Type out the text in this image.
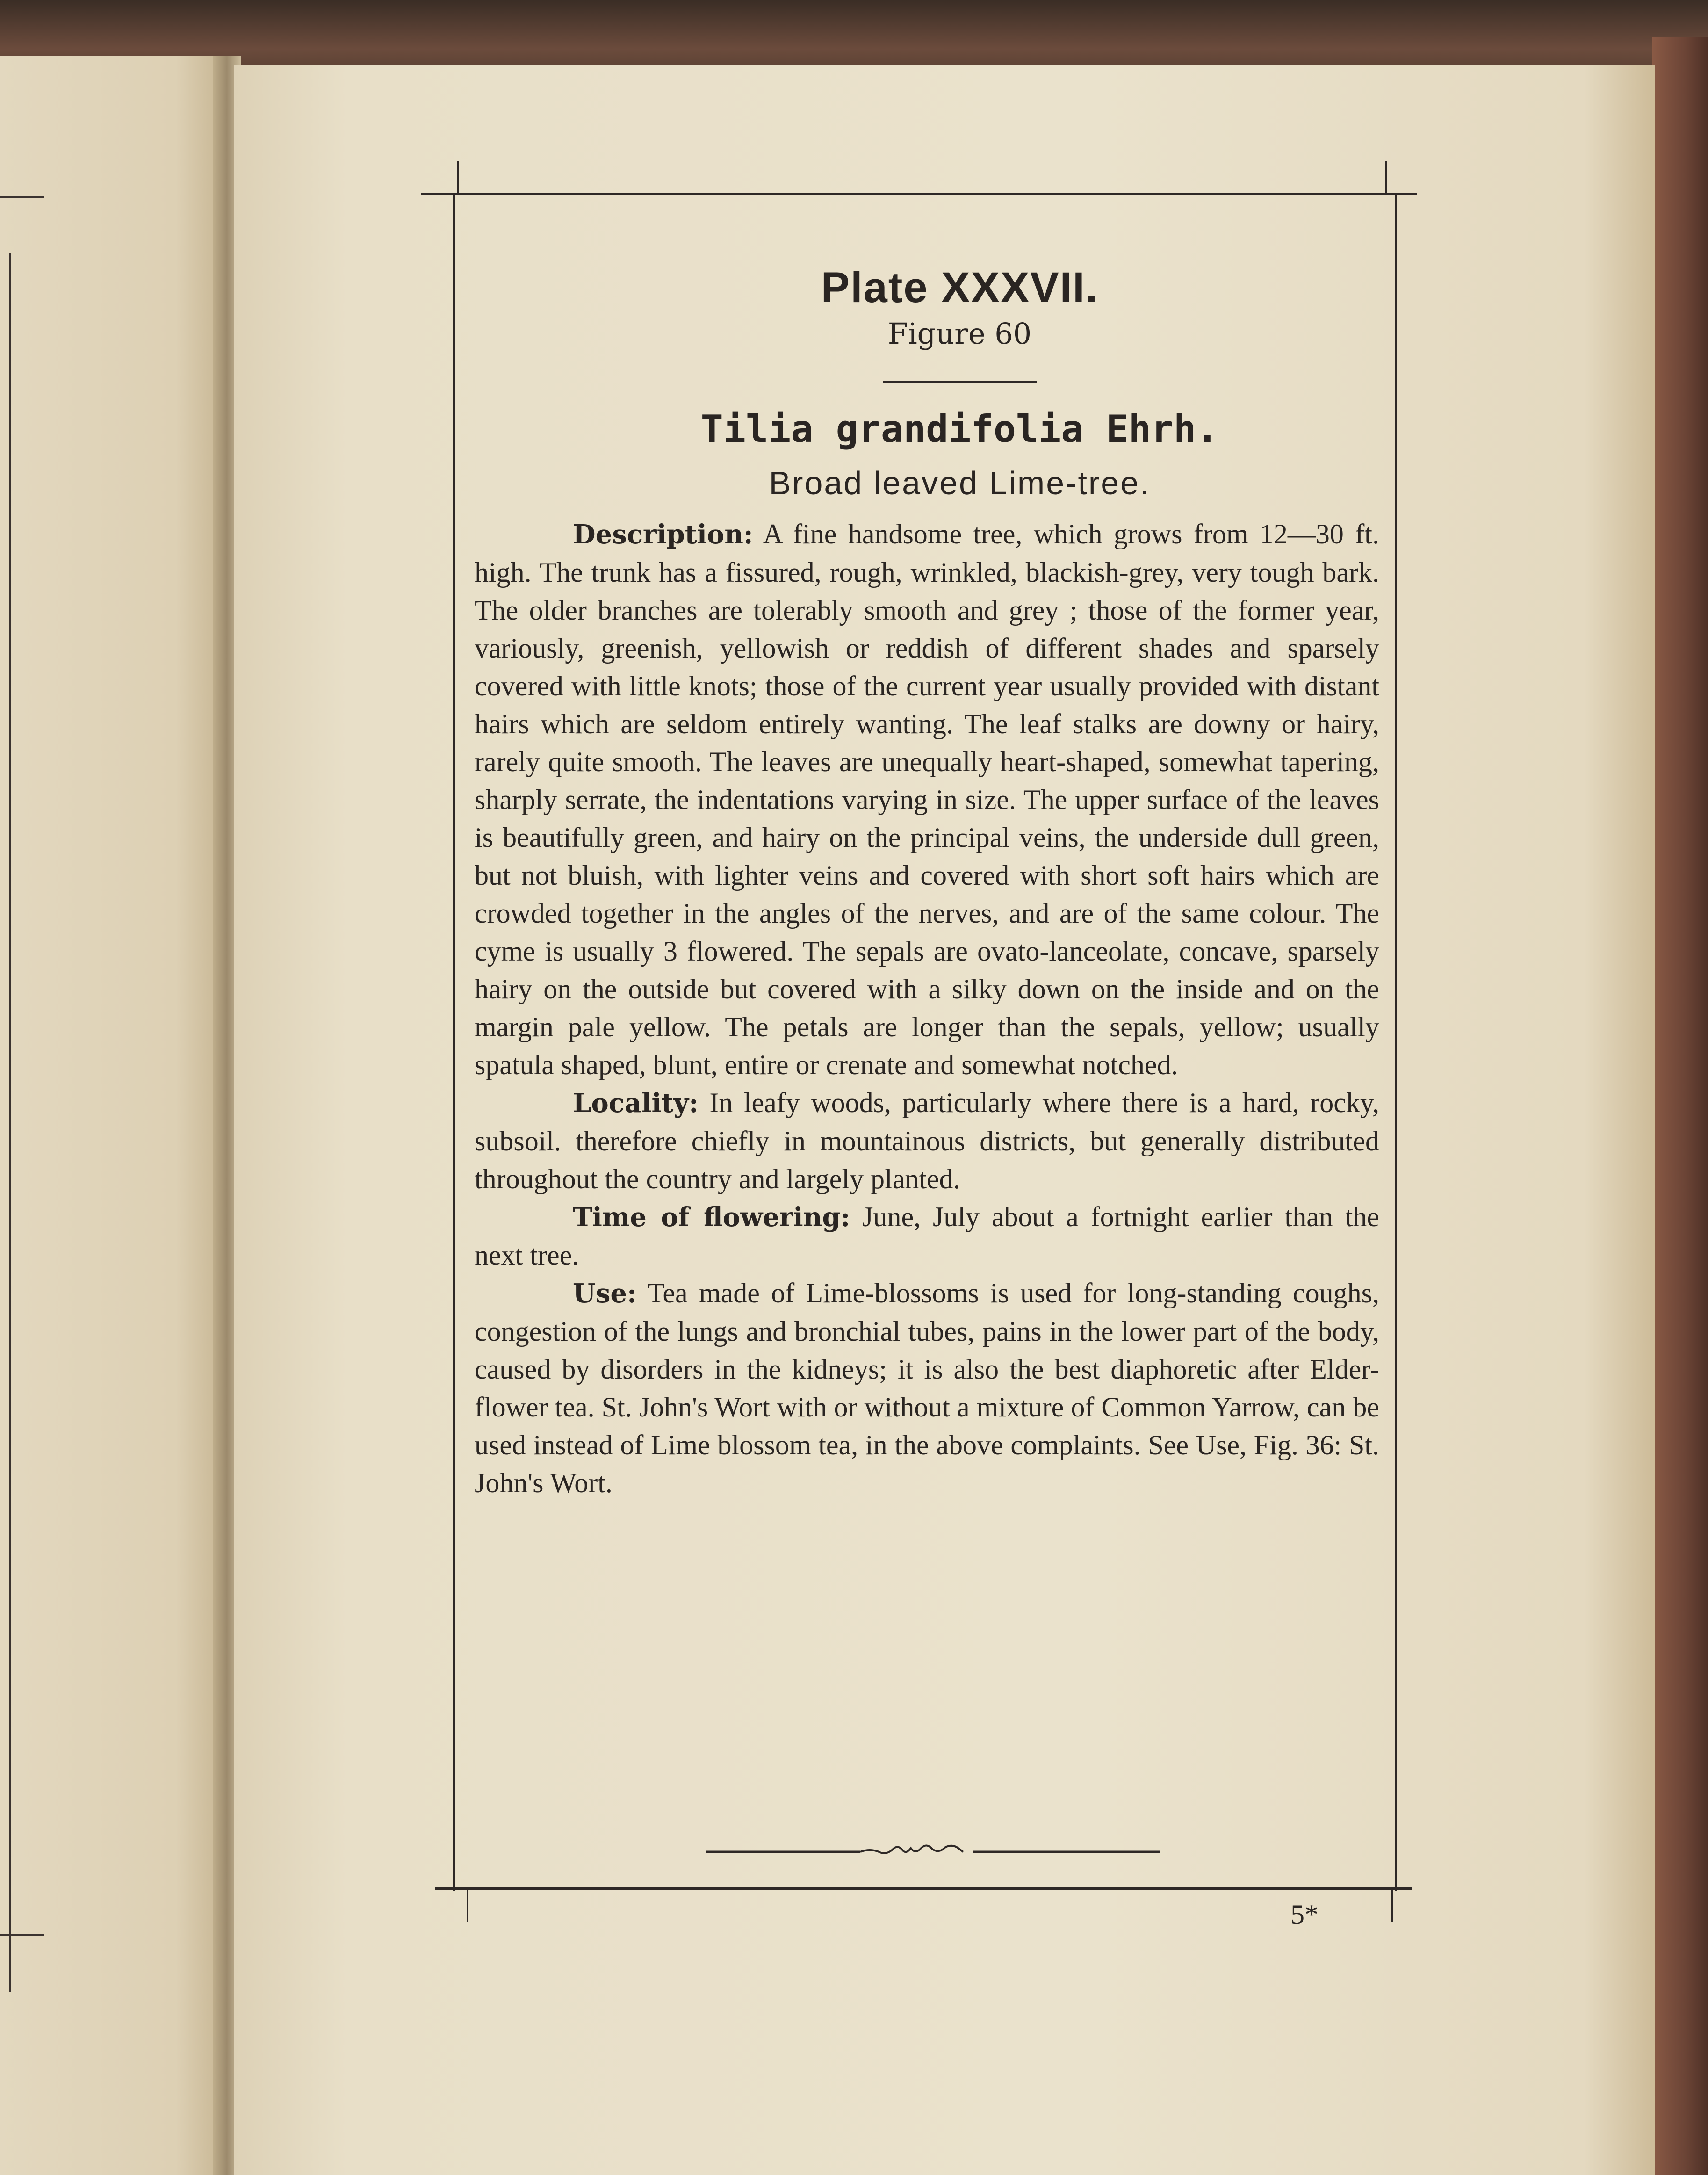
Plate XXXVII.
Figure 60
Tilia grandifolia Ehrh.
Broad leaved Lime-tree.

Description: A fine handsome tree, which grows from 12—30 ft. high. The trunk has a fissured, rough, wrinkled, blackish-grey, very tough bark. The older branches are tolerably smooth and grey ; those of the former year, variously, greenish, yellowish or reddish of different shades and sparsely covered with little knots; those of the current year usually provided with distant hairs which are seldom entirely wanting. The leaf stalks are downy or hairy, rarely quite smooth. The leaves are unequally heart-shaped, somewhat tapering, sharply serrate, the indentations varying in size. The upper surface of the leaves is beautifully green, and hairy on the principal veins, the underside dull green, but not bluish, with lighter veins and covered with short soft hairs which are crowded together in the angles of the nerves, and are of the same colour. The cyme is usually 3 flowered. The sepals are ovato-lanceolate, concave, sparsely hairy on the outside but covered with a silky down on the inside and on the margin pale yellow. The petals are longer than the sepals, yellow; usually spatula shaped, blunt, entire or crenate and somewhat notched.

Locality: In leafy woods, particularly where there is a hard, rocky, subsoil. therefore chiefly in mountainous districts, but generally distributed throughout the country and largely planted.

Time of flowering: June, July about a fortnight earlier than the next tree.

Use: Tea made of Lime-blossoms is used for long-standing coughs, congestion of the lungs and bronchial tubes, pains in the lower part of the body, caused by disorders in the kidneys; it is also the best diaphoretic after Elder-flower tea. St. John's Wort with or without a mixture of Common Yarrow, can be used instead of Lime blossom tea, in the above complaints. See Use, Fig. 36: St. John's Wort.

5*
